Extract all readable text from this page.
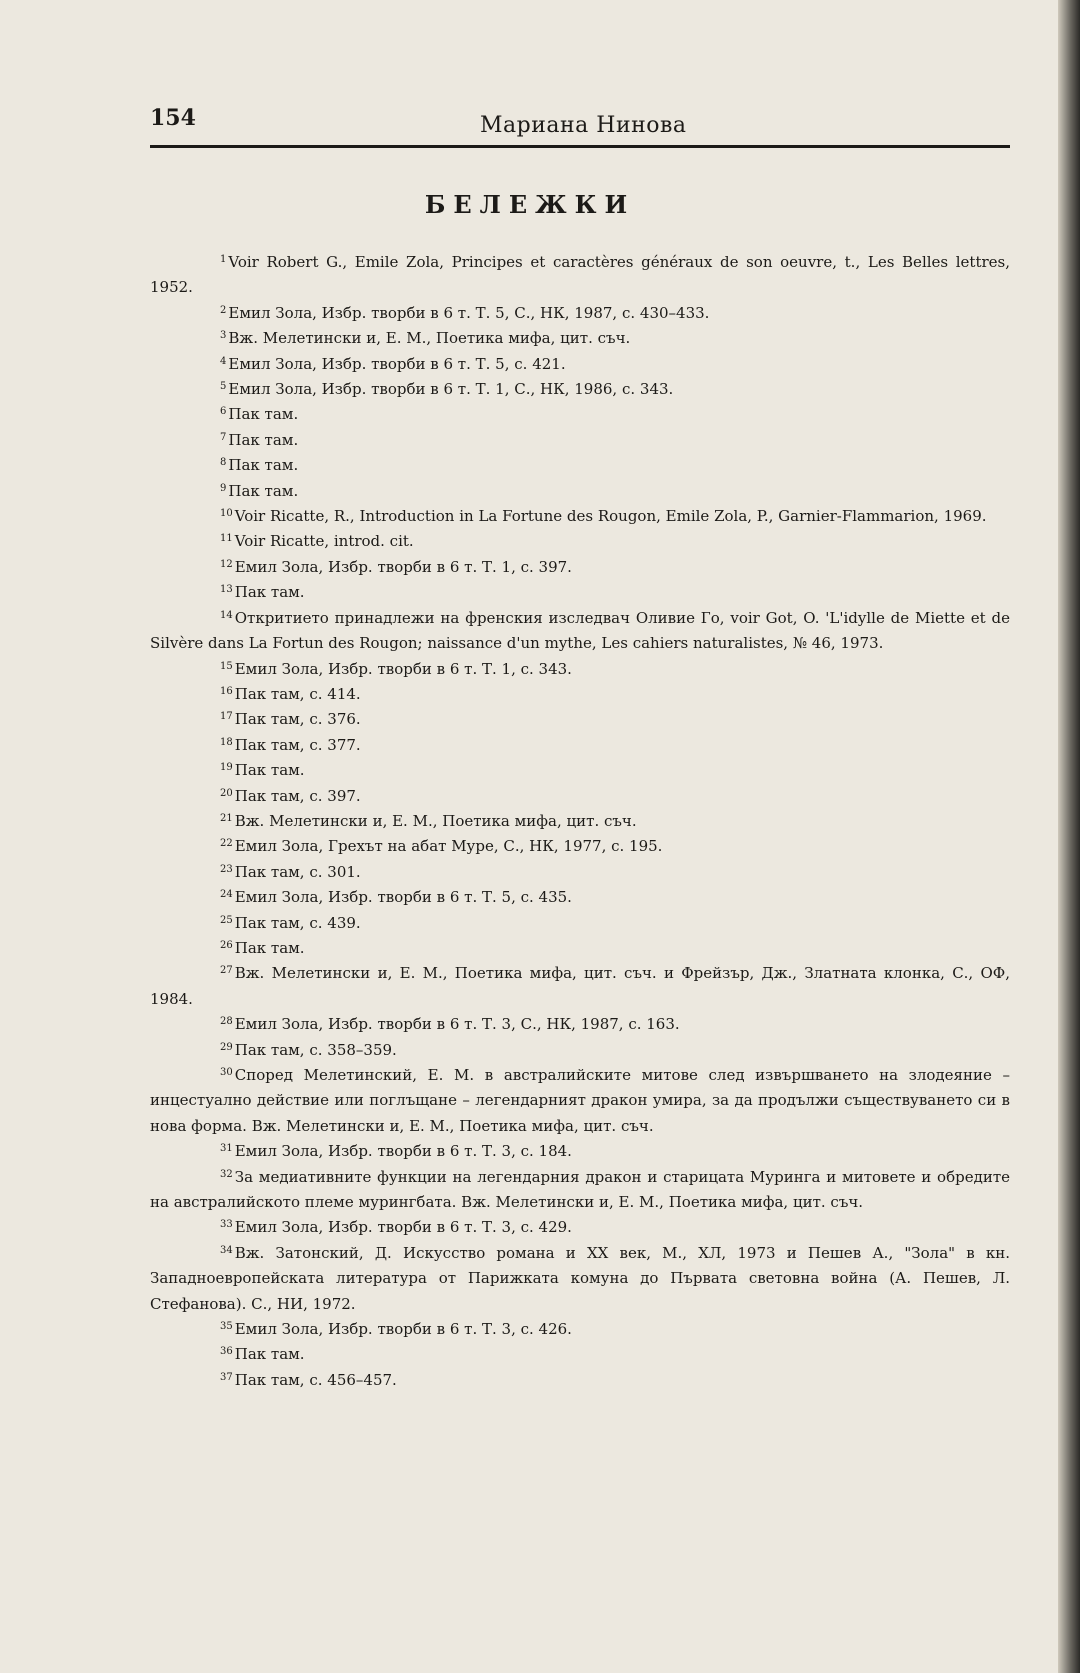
154	Мариана Нинова
БЕЛЕЖКИ

$^1$ Voir Robert G., Emile Zola, Principes et caractères généraux de son oeuvre, t., Les Belles lettres, 1952.

$^2$ Емил Зола, Избр. творби в 6 т. Т. 5, С., НК, 1987, с. 430–433.

$^3$ Вж. Мелетински и, Е. М., Поетика мифа, цит. съч.

$^4$ Емил Зола, Избр. творби в 6 т. Т. 5, с. 421.

$^5$ Емил Зола, Избр. творби в 6 т. Т. 1, С., НК, 1986, с. 343.

$^6$ Пак там.

$^7$ Пак там.

$^8$ Пак там.

$^9$ Пак там.

$^{10}$ Voir Ricatte, R., Introduction in La Fortune des Rougon, Emile Zola, P., Garnier-Flammarion, 1969.

$^{11}$ Voir Ricatte, introd. cit.

$^{12}$ Емил Зола, Избр. творби в 6 т. Т. 1, с. 397.

$^{13}$ Пак там.

$^{14}$ Откритието принадлежи на френския изследвач Оливие Го, voir Got, O. 'L'idylle de Miette et de Silvère dans La Fortun des Rougon; naissance d'un mythe, Les cahiers naturalistes, № 46, 1973.

$^{15}$ Емил Зола, Избр. творби в 6 т. Т. 1, с. 343.

$^{16}$ Пак там, с. 414.

$^{17}$ Пак там, с. 376.

$^{18}$ Пак там, с. 377.

$^{19}$ Пак там.

$^{20}$ Пак там, с. 397.

$^{21}$ Вж. Мелетински и, Е. М., Поетика мифа, цит. съч.

$^{22}$ Емил Зола, Грехът на абат Муре, С., НК, 1977, с. 195.

$^{23}$ Пак там, с. 301.

$^{24}$ Емил Зола, Избр. творби в 6 т. Т. 5, с. 435.

$^{25}$ Пак там, с. 439.

$^{26}$ Пак там.

$^{27}$ Вж. Мелетински и, Е. М., Поетика мифа, цит. съч. и Фрейзър, Дж., Златната клонка, С., ОФ, 1984.

$^{28}$ Емил Зола, Избр. творби в 6 т. Т. 3, С., НК, 1987, с. 163.

$^{29}$ Пак там, с. 358–359.

$^{30}$ Според Мелетинский, Е. М. в австралийските митове след извършването на злодеяние – инцестуално действие или поглъщане – легендарният дракон умира, за да продължи съществуването си в нова форма. Вж. Мелетински и, Е. М., Поетика мифа, цит. съч.

$^{31}$ Емил Зола, Избр. творби в 6 т. Т. 3, с. 184.

$^{32}$ За медиативните функции на легендарния дракон и старицата Муринга и митовете и обредите на австралийското племе мурингбата. Вж. Мелетински и, Е. М., Поетика мифа, цит. съч.

$^{33}$ Емил Зола, Избр. творби в 6 т. Т. 3, с. 429.

$^{34}$ Вж. Затонский, Д. Искусство романа и XX век, М., ХЛ, 1973 и Пешев А., "Зола" в кн. Западноевропейската литература от Парижката комуна до Първата световна война (А. Пешев, Л. Стефанова). С., НИ, 1972.

$^{35}$ Емил Зола, Избр. творби в 6 т. Т. 3, с. 426.

$^{36}$ Пак там.

$^{37}$ Пак там, с. 456–457.
